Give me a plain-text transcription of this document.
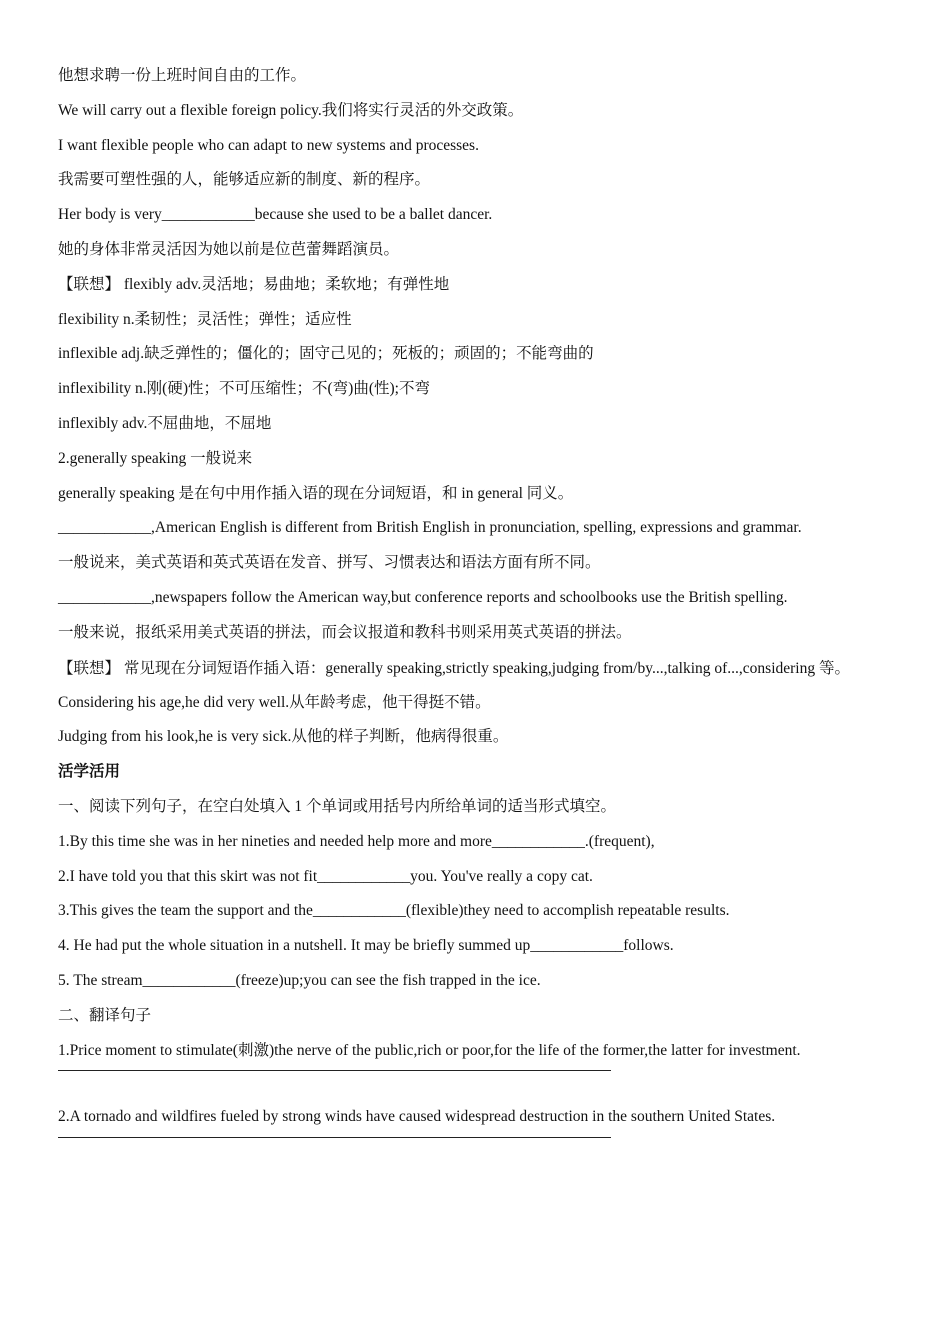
他想求聘一份上班时间自由的工作。
We will carry out a flexible foreign policy.我们将实行灵活的外交政策。
I want flexible people who can adapt to new systems and processes.
我需要可塑性强的人，能够适应新的制度、新的程序。
Her body is very____________because she used to be a ballet dancer.
她的身体非常灵活因为她以前是位芭蕾舞蹈演员。
【联想】 flexibly adv.灵活地；易曲地；柔软地；有弹性地
flexibility n.柔韧性；灵活性；弹性；适应性
inflexible adj.缺乏弹性的；僵化的；固守己见的；死板的；顽固的；不能弯曲的
inflexibility n.刚(硬)性；不可压缩性；不(弯)曲(性);不弯
inflexibly adv.不屈曲地，不屈地
2.generally speaking 一般说来
generally speaking 是在句中用作插入语的现在分词短语，和 in general 同义。
____________,American English is different from British English in pronunciation, spelling, expressions and grammar.
一般说来，美式英语和英式英语在发音、拼写、习惯表达和语法方面有所不同。
____________,newspapers follow the American way,but conference reports and schoolbooks use the British spelling.
一般来说，报纸采用美式英语的拼法，而会议报道和教科书则采用英式英语的拼法。
【联想】 常见现在分词短语作插入语：generally speaking,strictly speaking,judging from/by...,talking of...,considering 等。
Considering his age,he did very well.从年龄考虑，他干得挺不错。
Judging from his look,he is very sick.从他的样子判断，他病得很重。
活学活用
一、阅读下列句子，在空白处填入 1 个单词或用括号内所给单词的适当形式填空。
1.By this time she was in her nineties and needed help more and more____________.(frequent),
2.I have told you that this skirt was not fit____________you. You've really a copy cat.
3.This gives the team the support and the____________(flexible)they need to accomplish repeatable results.
4. He had put the whole situation in a nutshell. It may be briefly summed up____________follows.
5. The stream____________(freeze)up;you can see the fish trapped in the ice.
二、翻译句子
1.Price moment to stimulate(刺激)the nerve of the public,rich or poor,for the life of the former,the latter for investment.
2.A tornado and wildfires fueled by strong winds have caused widespread destruction in the southern United States.
